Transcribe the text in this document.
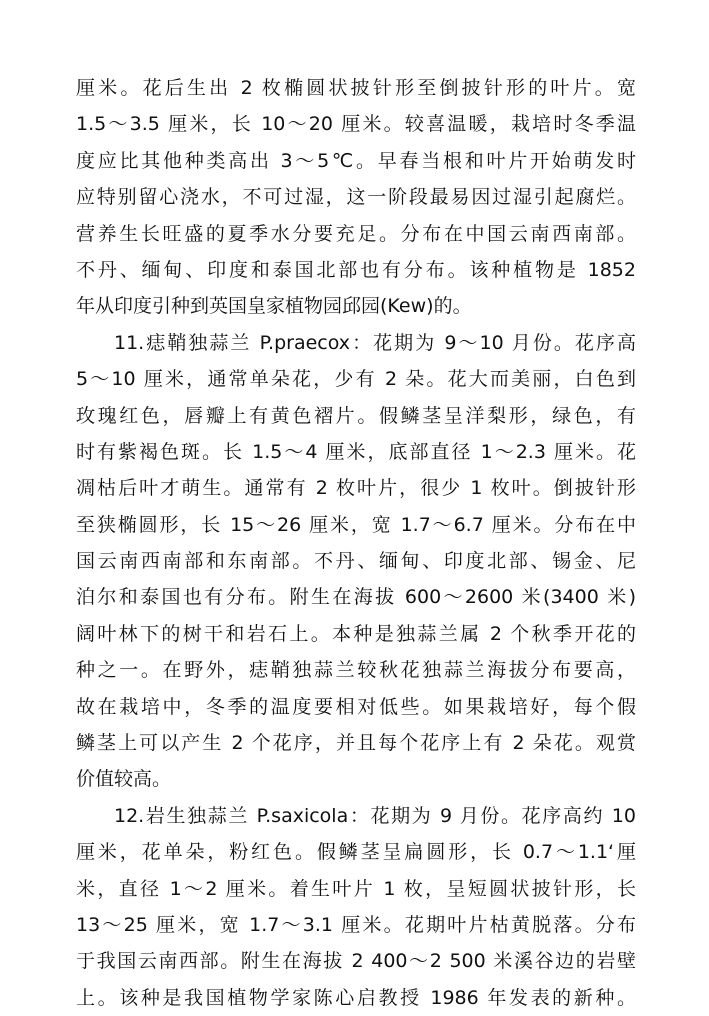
厘米。花后生出 2 枚椭圆状披针形至倒披针形的叶片。宽
1.5～3.5 厘米，长 10～20 厘米。较喜温暖，栽培时冬季温
度应比其他种类高出 3～5℃。早春当根和叶片开始萌发时
应特别留心浇水，不可过湿，这一阶段最易因过湿引起腐烂。
营养生长旺盛的夏季水分要充足。分布在中国云南西南部。
不丹、缅甸、印度和泰国北部也有分布。该种植物是 1852
年从印度引种到英国皇家植物园邱园(Kew)的。
11.痣鞘独蒜兰 P.praecox：花期为 9～10 月份。花序高
5～10 厘米，通常单朵花，少有 2 朵。花大而美丽，白色到
玫瑰红色，唇瓣上有黄色褶片。假鳞茎呈洋梨形，绿色，有
时有紫褐色斑。长 1.5～4 厘米，底部直径 1～2.3 厘米。花
凋枯后叶才萌生。通常有 2 枚叶片，很少 1 枚叶。倒披针形
至狭椭圆形，长 15～26 厘米，宽 1.7～6.7 厘米。分布在中
国云南西南部和东南部。不丹、缅甸、印度北部、锡金、尼
泊尔和泰国也有分布。附生在海拔 600～2600 米(3400 米)
阔叶林下的树干和岩石上。本种是独蒜兰属 2 个秋季开花的
种之一。在野外，痣鞘独蒜兰较秋花独蒜兰海拔分布要高，
故在栽培中，冬季的温度要相对低些。如果栽培好，每个假
鳞茎上可以产生 2 个花序，并且每个花序上有 2 朵花。观赏
价值较高。
12.岩生独蒜兰 P.saxicola：花期为 9 月份。花序高约 10
厘米，花单朵，粉红色。假鳞茎呈扁圆形，长 0.7～1.1‘厘
米，直径 1～2 厘米。着生叶片 1 枚，呈短圆状披针形，长
13～25 厘米，宽 1.7～3.1 厘米。花期叶片枯黄脱落。分布
于我国云南西部。附生在海拔 2 400～2 500 米溪谷边的岩壁
上。该种是我国植物学家陈心启教授 1986 年发表的新种。
